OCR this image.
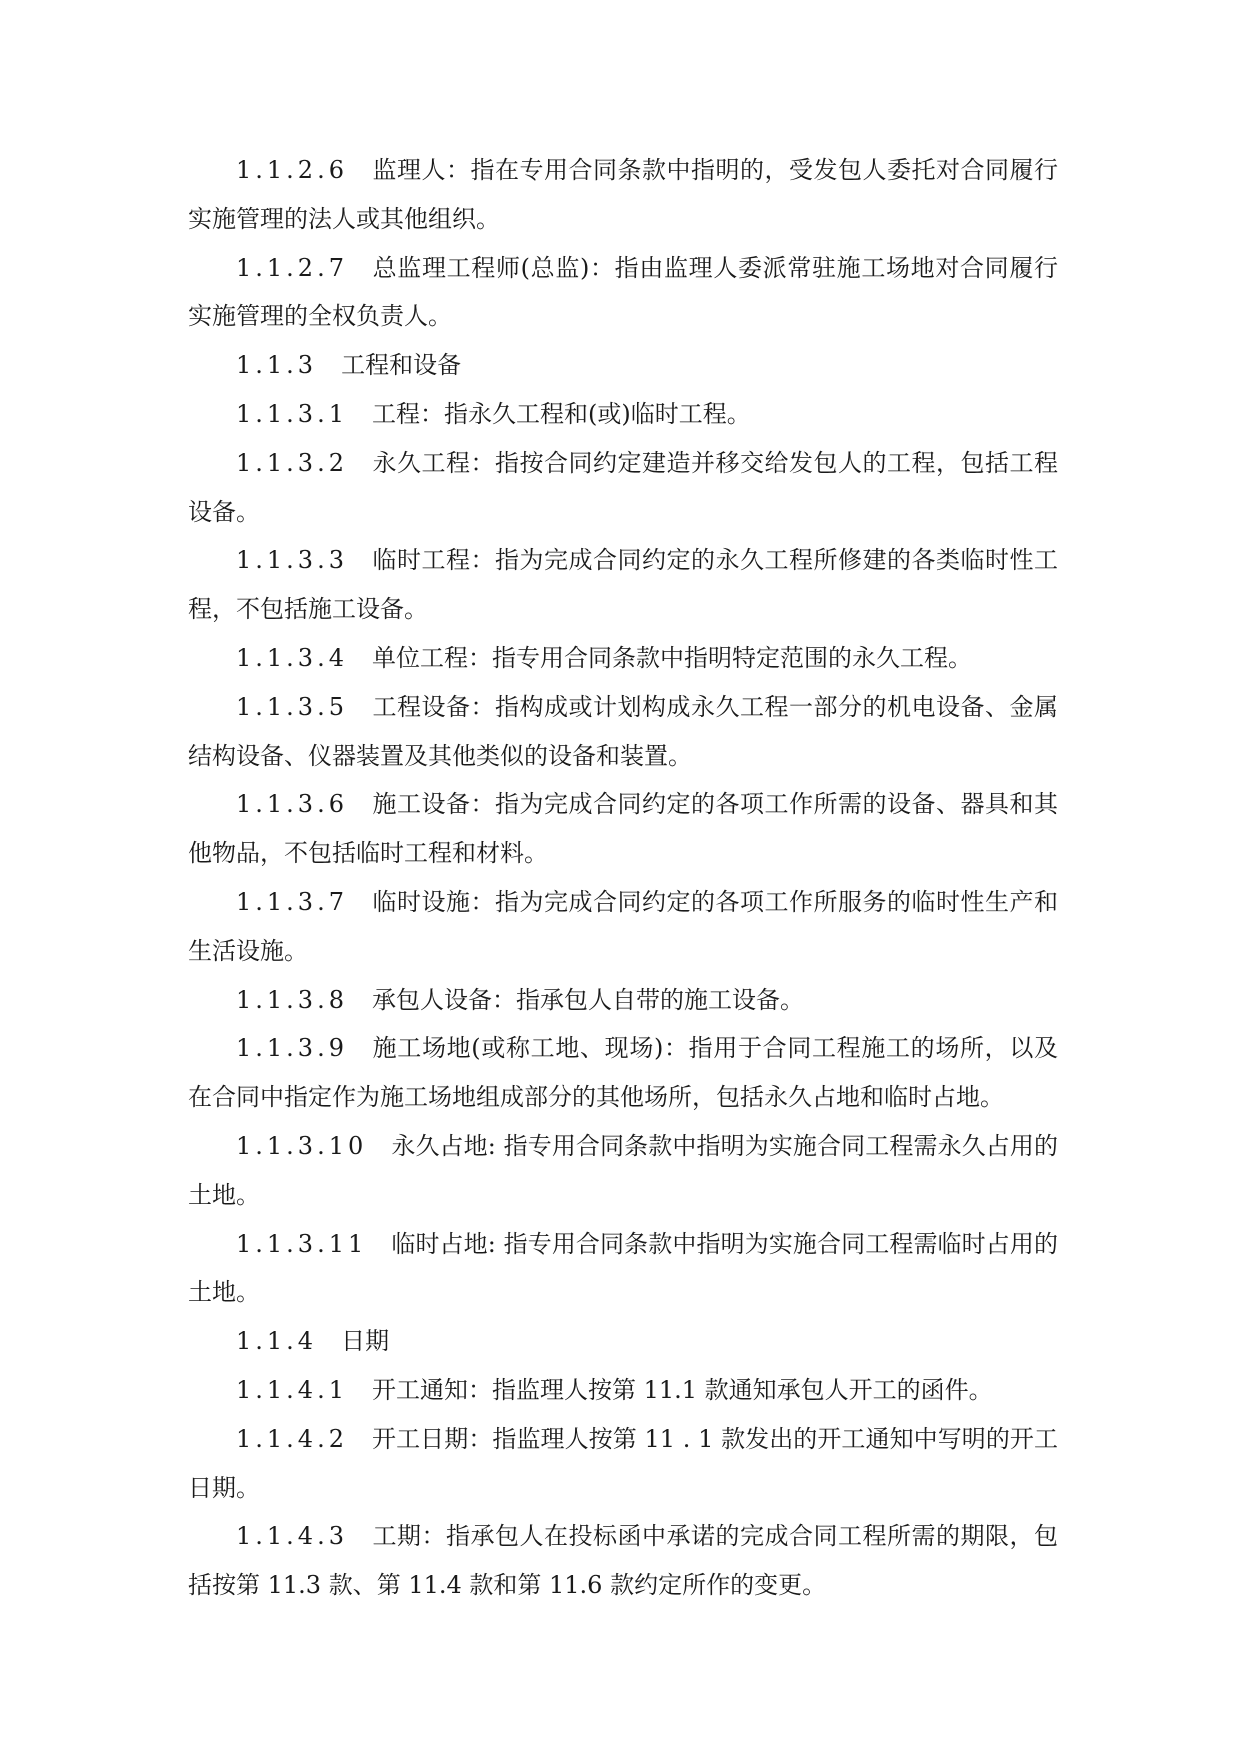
1.1.2.6 监理人：指在专用合同条款中指明的，受发包人委托对合同履行实施管理的法人或其他组织。

1.1.2.7 总监理工程师(总监)：指由监理人委派常驻施工场地对合同履行实施管理的全权负责人。

1.1.3 工程和设备

1.1.3.1 工程：指永久工程和(或)临时工程。

1.1.3.2 永久工程：指按合同约定建造并移交给发包人的工程，包括工程设备。

1.1.3.3 临时工程：指为完成合同约定的永久工程所修建的各类临时性工程，不包括施工设备。

1.1.3.4 单位工程：指专用合同条款中指明特定范围的永久工程。

1.1.3.5 工程设备：指构成或计划构成永久工程一部分的机电设备、金属结构设备、仪器装置及其他类似的设备和装置。

1.1.3.6 施工设备：指为完成合同约定的各项工作所需的设备、器具和其他物品，不包括临时工程和材料。

1.1.3.7 临时设施：指为完成合同约定的各项工作所服务的临时性生产和生活设施。

1.1.3.8 承包人设备：指承包人自带的施工设备。

1.1.3.9 施工场地(或称工地、现场)：指用于合同工程施工的场所，以及在合同中指定作为施工场地组成部分的其他场所，包括永久占地和临时占地。

1.1.3.10 永久占地: 指专用合同条款中指明为实施合同工程需永久占用的土地。

1.1.3.11 临时占地: 指专用合同条款中指明为实施合同工程需临时占用的土地。

1.1.4 日期

1.1.4.1 开工通知：指监理人按第 11.1 款通知承包人开工的函件。

1.1.4.2 开工日期：指监理人按第 11 . 1 款发出的开工通知中写明的开工日期。

1.1.4.3 工期：指承包人在投标函中承诺的完成合同工程所需的期限，包括按第 11.3 款、第 11.4 款和第 11.6 款约定所作的变更。
